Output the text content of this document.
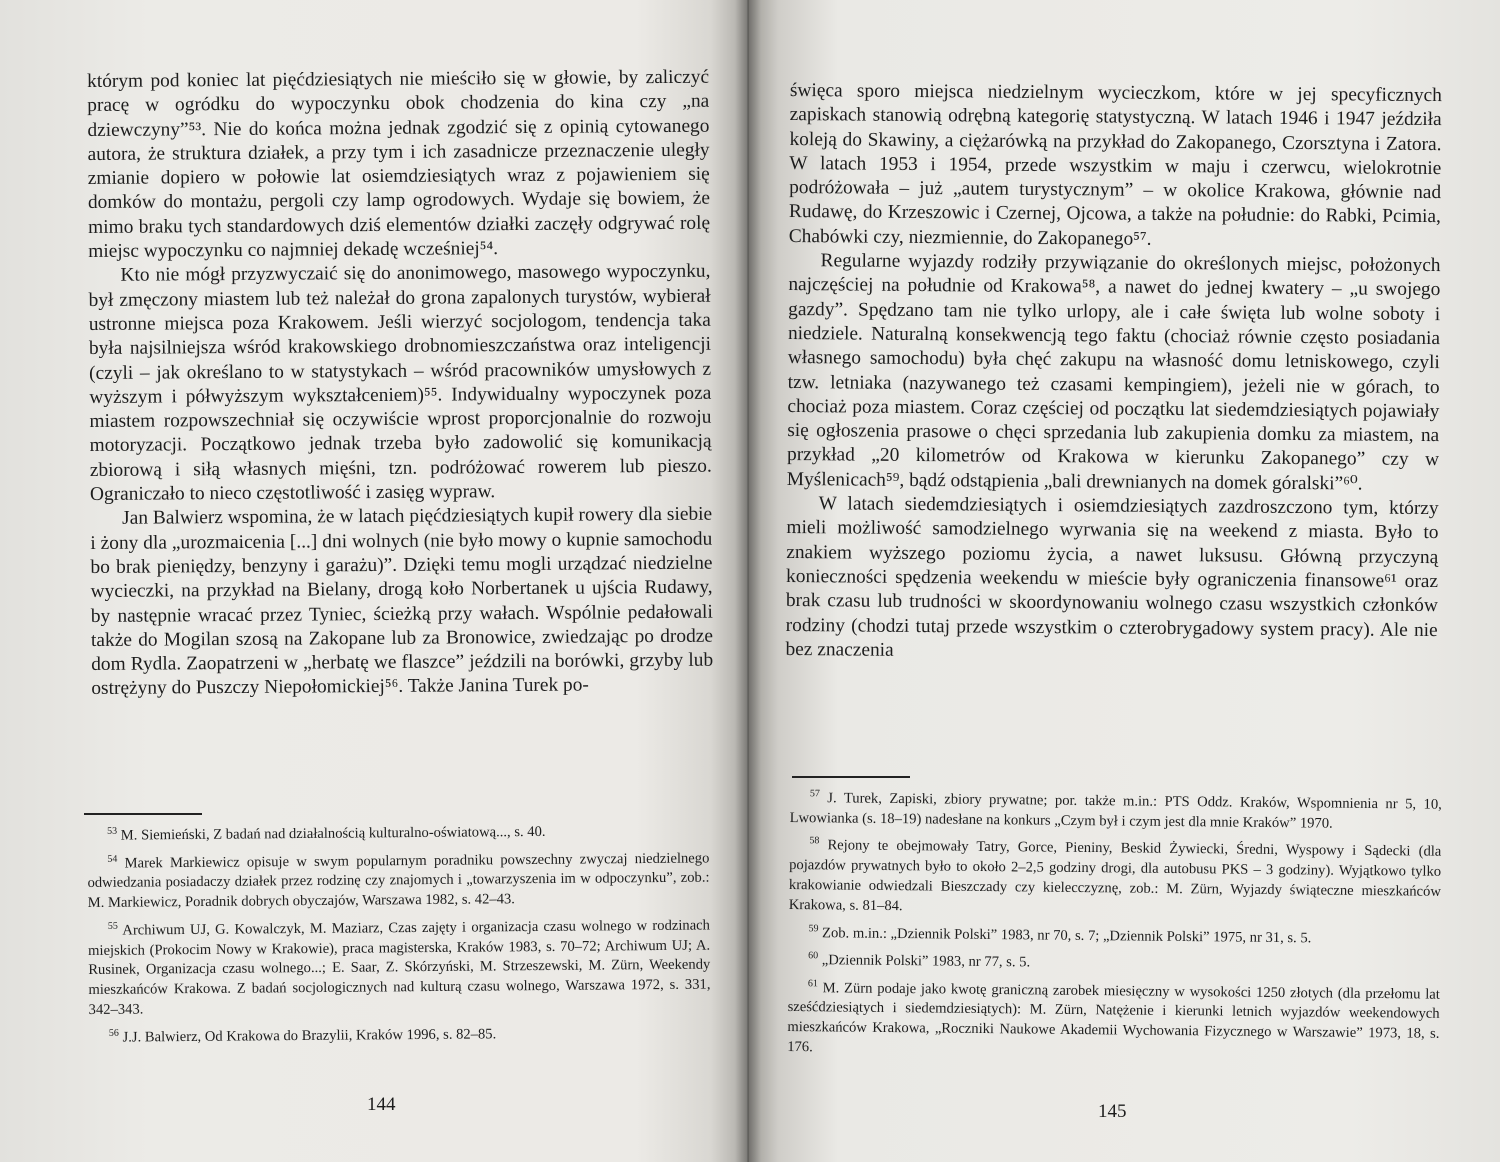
którym pod koniec lat pięćdziesiątych nie mieściło się w głowie, by zaliczyć pracę w ogródku do wypoczynku obok chodzenia do kina czy „na dziewczyny”⁵³. Nie do końca można jednak zgodzić się z opinią cytowanego autora, że struktura działek, a przy tym i ich zasadnicze przeznaczenie uległy zmianie dopiero w połowie lat osiemdziesiątych wraz z pojawieniem się domków do montażu, pergoli czy lamp ogrodowych. Wydaje się bowiem, że mimo braku tych standardowych dziś elementów działki zaczęły odgrywać rolę miejsc wypoczynku co najmniej dekadę wcześniej⁵⁴.

Kto nie mógł przyzwyczaić się do anonimowego, masowego wypoczynku, był zmęczony miastem lub też należał do grona zapalonych turystów, wybierał ustronne miejsca poza Krakowem. Jeśli wierzyć socjologom, tendencja taka była najsilniejsza wśród krakowskiego drobnomieszczaństwa oraz inteligencji (czyli – jak określano to w statystykach – wśród pracowników umysłowych z wyższym i półwyższym wykształceniem)⁵⁵. Indywidualny wypoczynek poza miastem rozpowszechniał się oczywiście wprost proporcjonalnie do rozwoju motoryzacji. Początkowo jednak trzeba było zadowolić się komunikacją zbiorową i siłą własnych mięśni, tzn. podróżować rowerem lub pieszo. Ograniczało to nieco częstotliwość i zasięg wypraw.

Jan Balwierz wspomina, że w latach pięćdziesiątych kupił rowery dla siebie i żony dla „urozmaicenia [...] dni wolnych (nie było mowy o kupnie samochodu bo brak pieniędzy, benzyny i garażu)”. Dzięki temu mogli urządzać niedzielne wycieczki, na przykład na Bielany, drogą koło Norbertanek u ujścia Rudawy, by następnie wracać przez Tyniec, ścieżką przy wałach. Wspólnie pedałowali także do Mogilan szosą na Zakopane lub za Bronowice, zwiedzając po drodze dom Rydla. Zaopatrzeni w „herbatę we flaszce” jeździli na borówki, grzyby lub ostrężyny do Puszczy Niepołomickiej⁵⁶. Także Janina Turek po-

$^{53}$ M. Siemieński, Z badań nad działalnością kulturalno-oświatową..., s. 40.

$^{54}$ Marek Markiewicz opisuje w swym popularnym poradniku powszechny zwyczaj niedzielnego odwiedzania posiadaczy działek przez rodzinę czy znajomych i „towarzyszenia im w odpoczynku”, zob.: M. Markiewicz, Poradnik dobrych obyczajów, Warszawa 1982, s. 42–43.

$^{55}$ Archiwum UJ, G. Kowalczyk, M. Maziarz, Czas zajęty i organizacja czasu wolnego w rodzinach miejskich (Prokocim Nowy w Krakowie), praca magisterska, Kraków 1983, s. 70–72; Archiwum UJ; A. Rusinek, Organizacja czasu wolnego...; E. Saar, Z. Skórzyński, M. Strzeszewski, M. Zürn, Weekendy mieszkańców Krakowa. Z badań socjologicznych nad kulturą czasu wolnego, Warszawa 1972, s. 331, 342–343.

$^{56}$ J.J. Balwierz, Od Krakowa do Brazylii, Kraków 1996, s. 82–85.

144

święca sporo miejsca niedzielnym wycieczkom, które w jej specyficznych zapiskach stanowią odrębną kategorię statystyczną. W latach 1946 i 1947 jeździła koleją do Skawiny, a ciężarówką na przykład do Zakopanego, Czorsztyna i Zatora. W latach 1953 i 1954, przede wszystkim w maju i czerwcu, wielokrotnie podróżowała – już „autem turystycznym” – w okolice Krakowa, głównie nad Rudawę, do Krzeszowic i Czernej, Ojcowa, a także na południe: do Rabki, Pcimia, Chabówki czy, niezmiennie, do Zakopanego⁵⁷.

Regularne wyjazdy rodziły przywiązanie do określonych miejsc, położonych najczęściej na południe od Krakowa⁵⁸, a nawet do jednej kwatery – „u swojego gazdy”. Spędzano tam nie tylko urlopy, ale i całe święta lub wolne soboty i niedziele. Naturalną konsekwencją tego faktu (chociaż równie często posiadania własnego samochodu) była chęć zakupu na własność domu letniskowego, czyli tzw. letniaka (nazywanego też czasami kempingiem), jeżeli nie w górach, to chociaż poza miastem. Coraz częściej od początku lat siedemdziesiątych pojawiały się ogłoszenia prasowe o chęci sprzedania lub zakupienia domku za miastem, na przykład „20 kilometrów od Krakowa w kierunku Zakopanego” czy w Myślenicach⁵⁹, bądź odstąpienia „bali drewnianych na domek góralski”⁶⁰.

W latach siedemdziesiątych i osiemdziesiątych zazdroszczono tym, którzy mieli możliwość samodzielnego wyrwania się na weekend z miasta. Było to znakiem wyższego poziomu życia, a nawet luksusu. Główną przyczyną konieczności spędzenia weekendu w mieście były ograniczenia finansowe⁶¹ oraz brak czasu lub trudności w skoordynowaniu wolnego czasu wszystkich członków rodziny (chodzi tutaj przede wszystkim o czterobrygadowy system pracy). Ale nie bez znaczenia

$^{57}$ J. Turek, Zapiski, zbiory prywatne; por. także m.in.: PTS Oddz. Kraków, Wspomnienia nr 5, 10, Lwowianka (s. 18–19) nadesłane na konkurs „Czym był i czym jest dla mnie Kraków” 1970.

$^{58}$ Rejony te obejmowały Tatry, Gorce, Pieniny, Beskid Żywiecki, Średni, Wyspowy i Sądecki (dla pojazdów prywatnych było to około 2–2,5 godziny drogi, dla autobusu PKS – 3 godziny). Wyjątkowo tylko krakowianie odwiedzali Bieszczady czy kielecczyznę, zob.: M. Zürn, Wyjazdy świąteczne mieszkańców Krakowa, s. 81–84.

$^{59}$ Zob. m.in.: „Dziennik Polski” 1983, nr 70, s. 7; „Dziennik Polski” 1975, nr 31, s. 5.

$^{60}$ „Dziennik Polski” 1983, nr 77, s. 5.

$^{61}$ M. Zürn podaje jako kwotę graniczną zarobek miesięczny w wysokości 1250 złotych (dla przełomu lat sześćdziesiątych i siedemdziesiątych): M. Zürn, Natężenie i kierunki letnich wyjazdów weekendowych mieszkańców Krakowa, „Roczniki Naukowe Akademii Wychowania Fizycznego w Warszawie” 1973, 18, s. 176.

145
